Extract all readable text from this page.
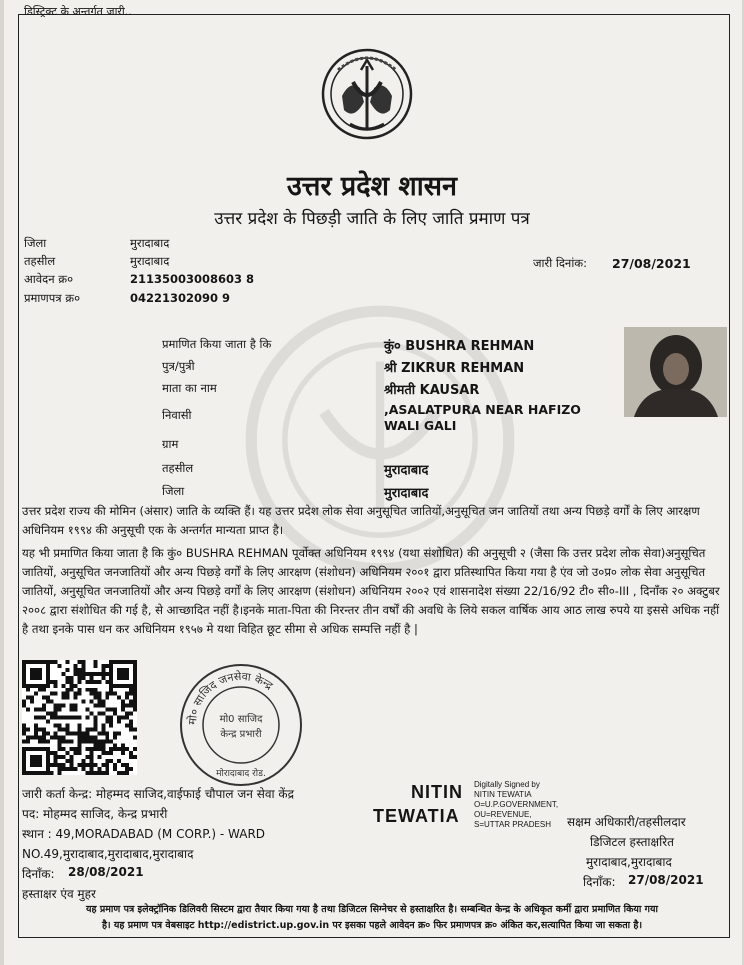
डिस्ट्रिक्ट के अन्तर्गत जारी..
उत्तर प्रदेश शासन
उत्तर प्रदेश के पिछड़ी जाति के लिए जाति प्रमाण पत्र
जिला	मुरादाबाद
तहसील	मुरादाबाद
आवेदन क्र०	21135003008603 8
प्रमाणपत्र क्र०	04221302090 9
जारी दिनांक: 27/08/2021
प्रमाणित किया जाता है कि	कुं० BUSHRA REHMAN
पुत्र/पुत्री	श्री ZIKRUR REHMAN
माता का नाम	श्रीमती KAUSAR
निवासी	,ASALATPURA NEAR HAFIZO
WALI GALI
ग्राम
तहसील	मुरादाबाद
जिला	मुरादाबाद
उत्तर प्रदेश राज्य की मोमिन (अंसार) जाति के व्यक्ति हैं। यह उत्तर प्रदेश लोक सेवा अनुसूचित जातियों,अनुसूचित जन जातियों तथा अन्य पिछड़े वर्गों के लिए आरक्षण अधिनियम १९९४ की अनुसूची एक के अन्तर्गत मान्यता प्राप्त है।
यह भी प्रमाणित किया जाता है कि कुं० BUSHRA REHMAN पूर्वोक्त अधिनियम १९९४ (यथा संशोधित) की अनुसूची २ (जैसा कि उत्तर प्रदेश लोक सेवा)अनुसूचित जातियों, अनुसूचित जनजातियों और अन्य पिछड़े वर्गों के लिए आरक्षण (संशोधन) अधिनियम २००१ द्वारा प्रतिस्थापित किया गया है एंव जो उ०प्र० लोक सेवा अनुसूचित जातियों, अनुसूचित जनजातियों और अन्य पिछड़े वर्गों के लिए आरक्षण (संशोधन) अधिनियम २००२ एवं शासनादेश संख्या 22/16/92 टी० सी०-III , दिनाँक २० अक्टुबर २००८ द्वारा संशोधित की गई है, से आच्छादित नहीं है।इनके माता-पिता की निरन्तर तीन वर्षों की अवधि के लिये सकल वार्षिक आय आठ लाख रुपये या इससे अधिक नहीं है तथा इनके पास धन कर अधिनियम १९५७ मे यथा विहित छूट सीमा से अधिक सम्पत्ति नहीं है |
मो० साजिद जनसेवा केन्द्र
मो0 साजिद
केन्द्र प्रभारी
मोरादाबाद रोड.
जारी कर्ता केन्द्र: मोहम्मद साजिद,वाईफाई चौपाल जन सेवा केंद्र
पद: मोहम्मद साजिद, केन्द्र प्रभारी
स्थान : 49,MORADABAD (M CORP.) - WARD
NO.49,मुरादाबाद,मुरादाबाद,मुरादाबाद
दिनाँक: 28/08/2021
हस्ताक्षर एंव मुहर
NITIN
TEWATIA
Digitally Signed by
NITIN TEWATIA
O=U.P.GOVERNMENT,
OU=REVENUE,
S=UTTAR PRADESH सक्षम अधिकारी/तहसीलदार
डिजिटल हस्ताक्षरित
मुरादाबाद,मुरादाबाद
दिनाँक: 27/08/2021
यह प्रमाण पत्र इलेक्ट्रॉनिक डिलिवरी सिस्टम द्वारा तैयार किया गया है तथा डिजिटल सिग्नेचर से हस्ताक्षरित है। सम्बन्धित केन्द्र के अधिकृत कर्मी द्वारा प्रमाणित किया गया
है। यह प्रमाण पत्र वेबसाइट http://edistrict.up.gov.in पर इसका पहले आवेदन क्र० फिर प्रमाणपत्र क्र० अंकित कर,सत्यापित किया जा सकता है।
